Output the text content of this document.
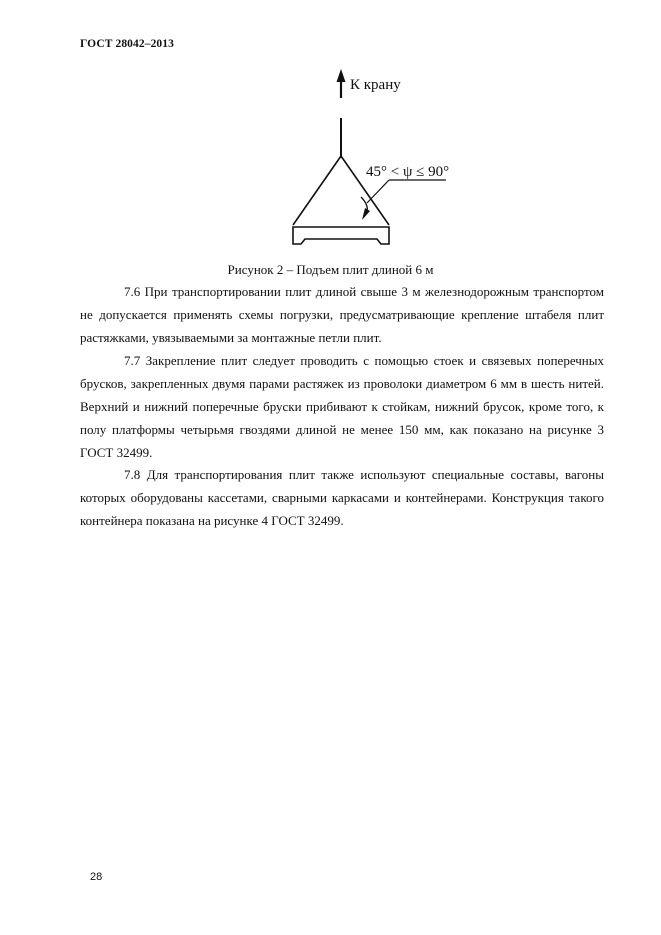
ГОСТ 28042–2013
К крану
45° < ψ ≤ 90°
Рисунок 2 – Подъем плит длиной 6 м

7.6 При транспортировании плит длиной свыше 3 м железнодорожным транспортом не допускается применять схемы погрузки, предусматривающие крепление штабеля плит растяжками, увязываемыми за монтажные петли плит.

7.7 Закрепление плит следует проводить с помощью стоек и связевых поперечных брусков, закрепленных двумя парами растяжек из проволоки диаметром 6 мм в шесть нитей. Верхний и нижний поперечные бруски прибивают к стойкам, нижний брусок, кроме того, к полу платформы четырьмя гвоздями длиной не менее 150 мм, как показано на рисунке 3 ГОСТ 32499.

7.8 Для транспортирования плит также используют специальные составы, вагоны которых оборудованы кассетами, сварными каркасами и контейнерами. Конструкция такого контейнера показана на рисунке 4 ГОСТ 32499.

28
